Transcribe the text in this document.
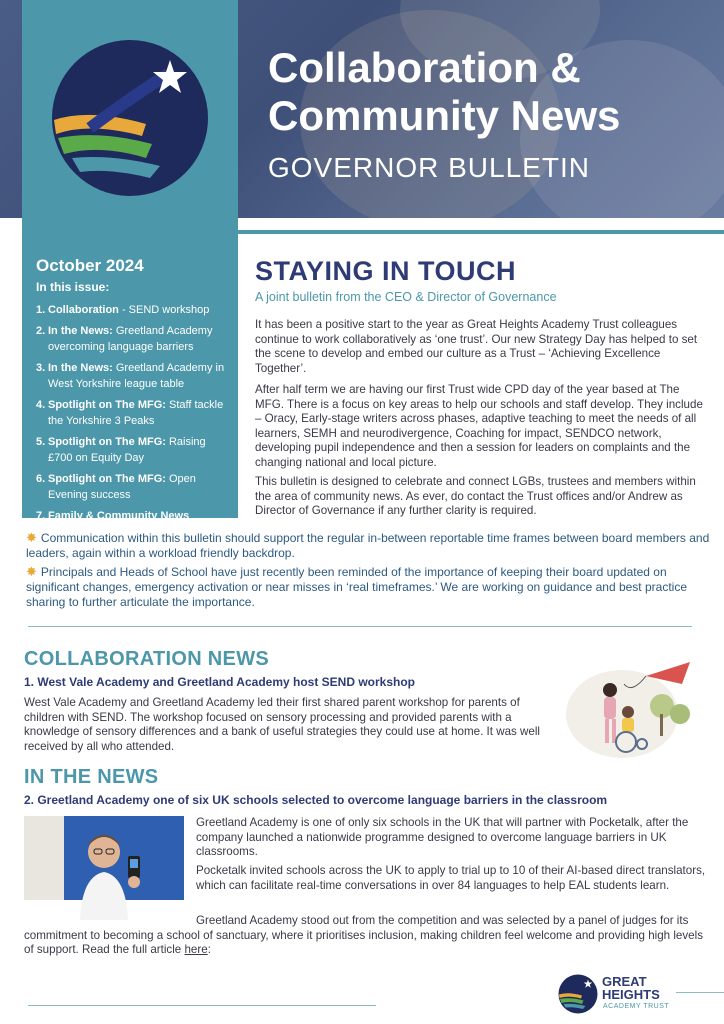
Collaboration &
Community News
GOVERNOR BULLETIN
October 2024
In this issue:
1. Collaboration - SEND workshop
2. In the News: Greetland Academy overcoming language barriers
3. In the News: Greetland Academy in West Yorkshire league table
4. Spotlight on The MFG: Staff tackle the Yorkshire 3 Peaks
5. Spotlight on The MFG: Raising £700 on Equity Day
6. Spotlight on The MFG: Open Evening success
7. Family & Community News
STAYING IN TOUCH
A joint bulletin from the CEO & Director of Governance

It has been a positive start to the year as Great Heights Academy Trust colleagues continue to work collaboratively as ‘one trust’. Our new Strategy Day has helped to set the scene to develop and embed our culture as a Trust – ‘Achieving Excellence Together’.

After half term we are having our first Trust wide CPD day of the year based at The MFG. There is a focus on key areas to help our schools and staff develop. They include – Oracy, Early-stage writers across phases, adaptive teaching to meet the needs of all learners, SEMH and neurodivergence, Coaching for impact, SENDCO network, developing pupil independence and then a session for leaders on complaints and the changing national and local picture.

This bulletin is designed to celebrate and connect LGBs, trustees and members within the area of community news. As ever, do contact the Trust offices and/or Andrew as Director of Governance if any further clarity is required.

✸ Communication within this bulletin should support the regular in-between reportable time frames between board members and leaders, again within a workload friendly backdrop.
✸ Principals and Heads of School have just recently been reminded of the importance of keeping their board updated on significant changes, emergency activation or near misses in ‘real timeframes.’ We are working on guidance and best practice sharing to further articulate the importance.
COLLABORATION NEWS
1. West Vale Academy and Greetland Academy host SEND workshop

West Vale Academy and Greetland Academy led their first shared parent workshop for parents of children with SEND. The workshop focused on sensory processing and provided parents with a knowledge of sensory differences and a bank of useful strategies they could use at home. It was well received by all who attended.

IN THE NEWS
2. Greetland Academy one of six UK schools selected to overcome language barriers in the classroom

Greetland Academy is one of only six schools in the UK that will partner with Pocketalk, after the company launched a nationwide programme designed to overcome language barriers in UK classrooms.

Pocketalk invited schools across the UK to apply to trial up to 10 of their AI-based direct translators, which can facilitate real-time conversations in over 84 languages to help EAL students learn.

Greetland Academy stood out from the competition and was selected by a panel of judges for its commitment to becoming a school of sanctuary, where it prioritises inclusion, making children feel welcome and providing high levels of support. Read the full article here:

GREAT
HEIGHTS
ACADEMY TRUST
